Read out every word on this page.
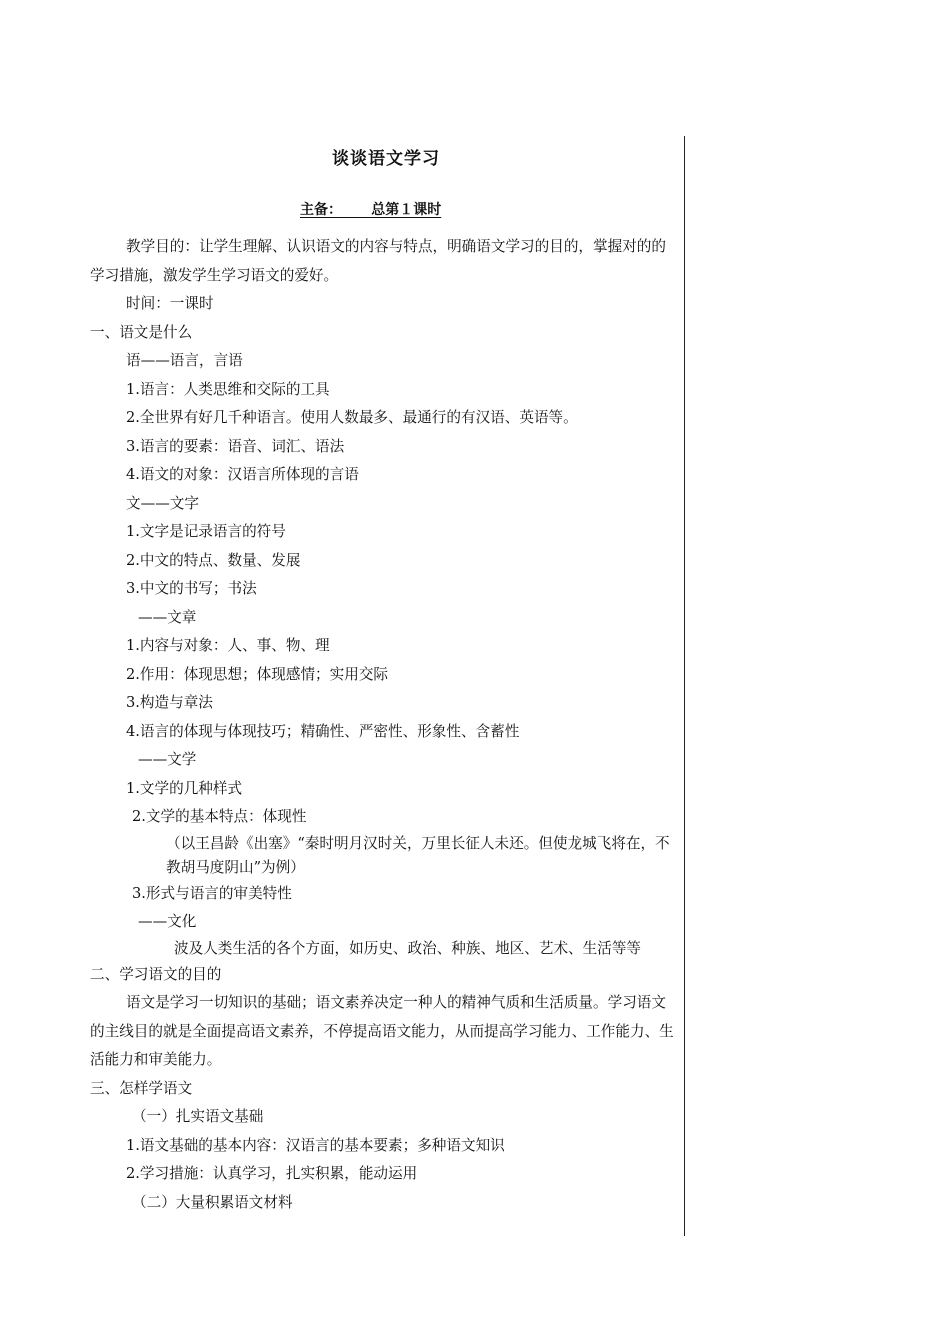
谈谈语文学习
主备：      总第１课时

教学目的：让学生理解、认识语文的内容与特点，明确语文学习的目的，掌握对的的学习措施，激发学生学习语文的爱好。

时间：一课时

一、语文是什么

语——语言，言语

1.语言：人类思维和交际的工具

2.全世界有好几千种语言。使用人数最多、最通行的有汉语、英语等。

3.语言的要素：语音、词汇、语法

4.语文的对象：汉语言所体现的言语

文——文字

1.文字是记录语言的符号

2.中文的特点、数量、发展

3.中文的书写；书法

——文章

1.内容与对象：人、事、物、理

2.作用：体现思想；体现感情；实用交际

3.构造与章法

4.语言的体现与体现技巧；精确性、严密性、形象性、含蓄性

——文学

1.文学的几种样式

2.文学的基本特点：体现性

（以王昌龄《出塞》“秦时明月汉时关，万里长征人未还。但使龙城飞将在，不教胡马度阴山”为例）

3.形式与语言的审美特性

——文化

波及人类生活的各个方面，如历史、政治、种族、地区、艺术、生活等等

二、学习语文的目的

语文是学习一切知识的基础；语文素养决定一种人的精神气质和生活质量。学习语文的主线目的就是全面提高语文素养，不停提高语文能力，从而提高学习能力、工作能力、生活能力和审美能力。

三、怎样学语文

（一）扎实语文基础

1.语文基础的基本内容：汉语言的基本要素；多种语文知识

2.学习措施：认真学习，扎实积累，能动运用

（二）大量积累语文材料
